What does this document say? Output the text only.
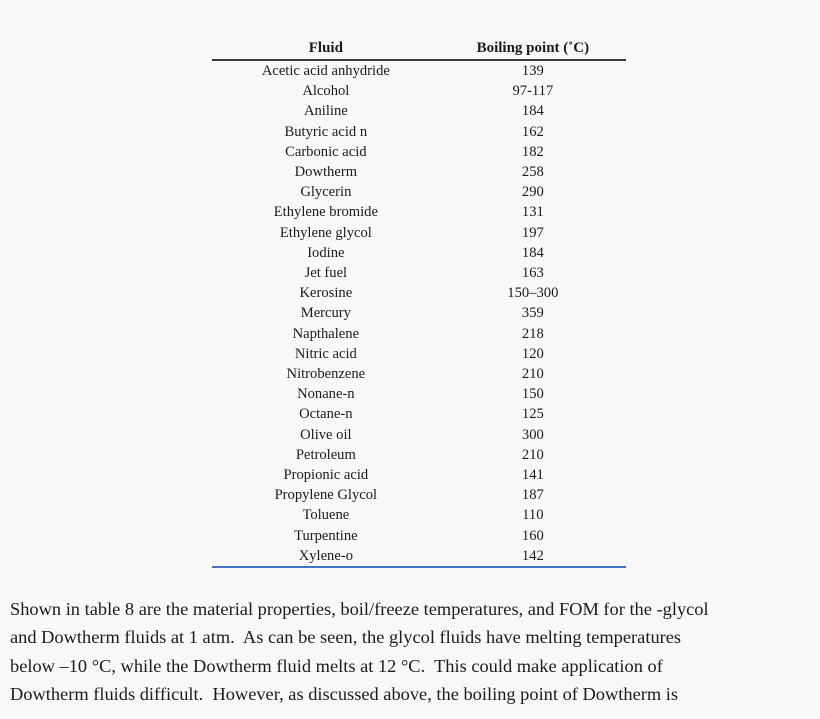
Fluid	Boiling point (˚C)
Acetic acid anhydride	139
Alcohol	97-117
Aniline	184
Butyric acid n	162
Carbonic acid	182
Dowtherm	258
Glycerin	290
Ethylene bromide	131
Ethylene glycol	197
Iodine	184
Jet fuel	163
Kerosine	150–300
Mercury	359
Napthalene	218
Nitric acid	120
Nitrobenzene	210
Nonane-n	150
Octane-n	125
Olive oil	300
Petroleum	210
Propionic acid	141
Propylene Glycol	187
Toluene	110
Turpentine	160
Xylene-o	142
Shown in table 8 are the material properties, boil/freeze temperatures, and FOM for the -glycol
and Dowtherm fluids at 1 atm.  As can be seen, the glycol fluids have melting temperatures
below –10 °C, while the Dowtherm fluid melts at 12 °C.  This could make application of
Dowtherm fluids difficult.  However, as discussed above, the boiling point of Dowtherm is
